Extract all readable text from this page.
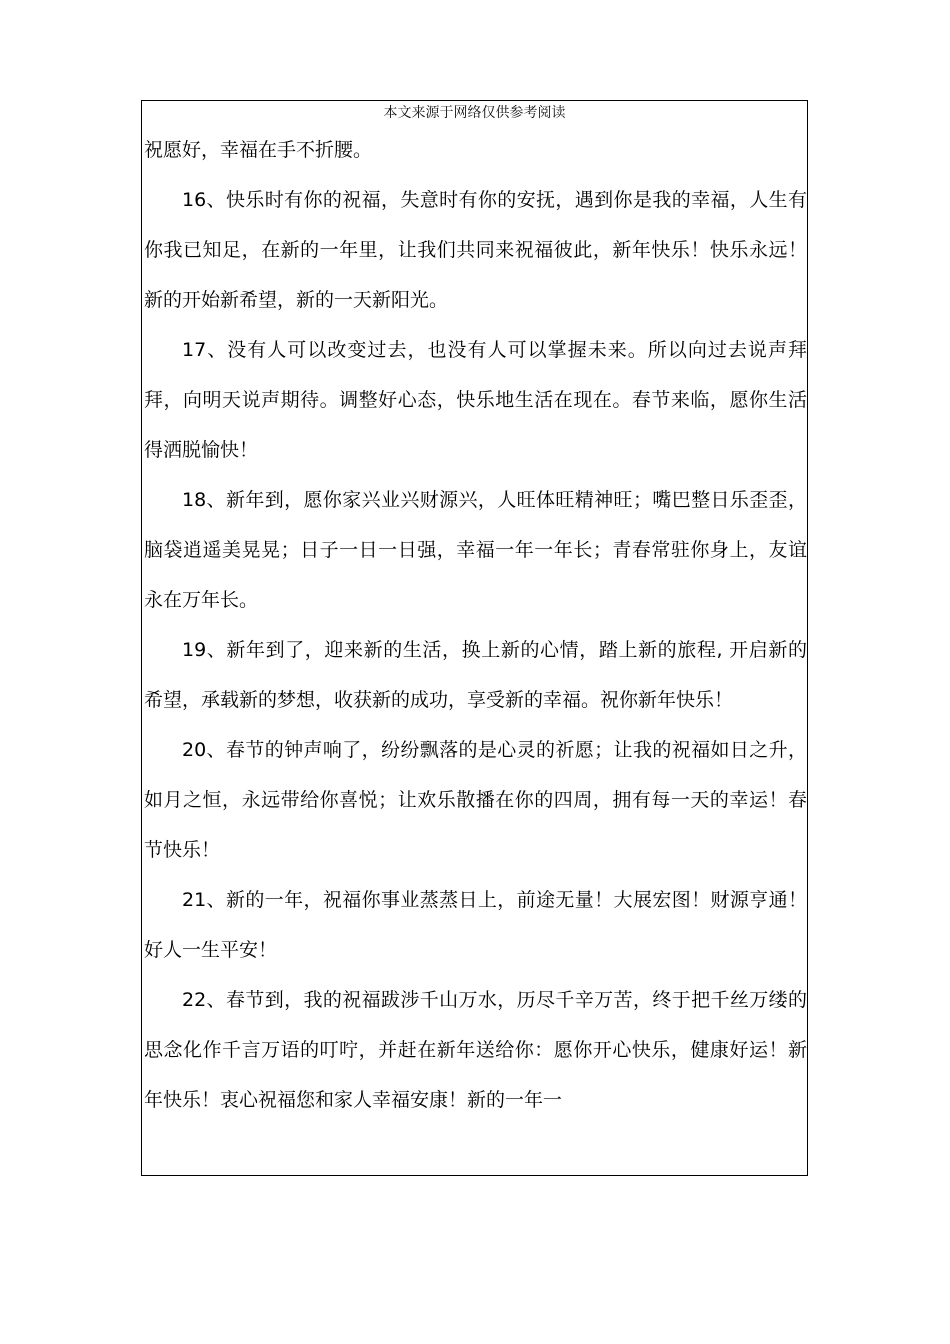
本文来源于网络仅供参考阅读

祝愿好，幸福在手不折腰。

16、快乐时有你的祝福，失意时有你的安抚，遇到你是我的幸福，人生有你我已知足，在新的一年里，让我们共同来祝福彼此，新年快乐！快乐永远！新的开始新希望，新的一天新阳光。

17、没有人可以改变过去，也没有人可以掌握未来。所以向过去说声拜拜，向明天说声期待。调整好心态，快乐地生活在现在。春节来临，愿你生活得洒脱愉快！

18、新年到，愿你家兴业兴财源兴，人旺体旺精神旺；嘴巴整日乐歪歪，脑袋逍遥美晃晃；日子一日一日强，幸福一年一年长；青春常驻你身上，友谊永在万年长。

19、新年到了，迎来新的生活，换上新的心情，踏上新的旅程, 开启新的希望，承载新的梦想，收获新的成功，享受新的幸福。祝你新年快乐！

20、春节的钟声响了，纷纷飘落的是心灵的祈愿；让我的祝福如日之升，如月之恒，永远带给你喜悦；让欢乐散播在你的四周，拥有每一天的幸运！春节快乐！

21、新的一年，祝福你事业蒸蒸日上，前途无量！大展宏图！财源亨通！好人一生平安！

22、春节到，我的祝福跋涉千山万水，历尽千辛万苦，终于把千丝万缕的思念化作千言万语的叮咛，并赶在新年送给你：愿你开心快乐，健康好运！新年快乐！衷心祝福您和家人幸福安康！新的一年一
